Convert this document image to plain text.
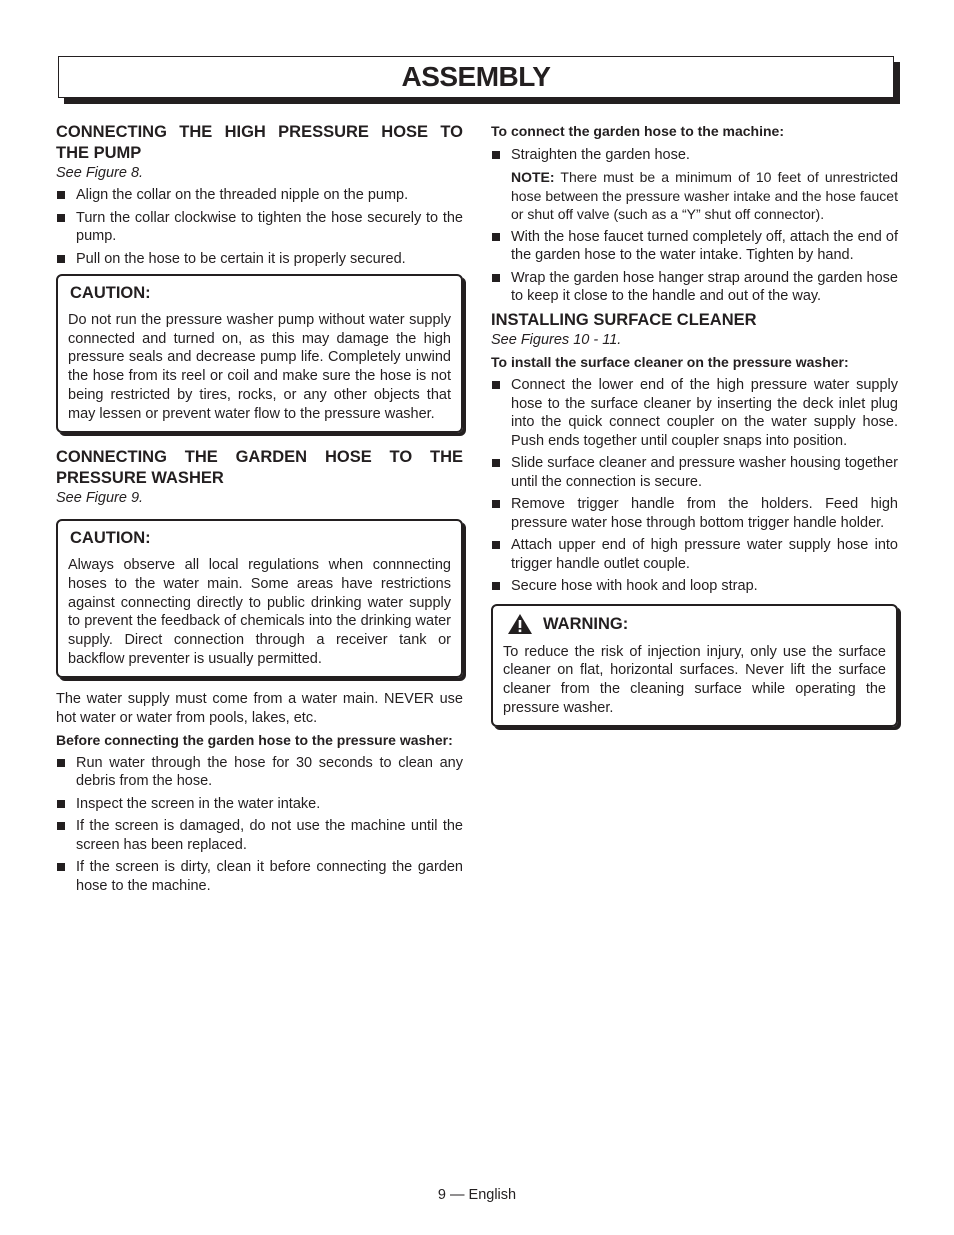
ASSEMBLY
CONNECTING THE HIGH PRESSURE HOSE TO
THE PUMP
See Figure 8.
Align the collar on the threaded nipple on the pump.
Turn the collar clockwise to tighten the hose securely to the pump.
Pull on the hose to be certain it is properly secured.
CAUTION:
Do not run the pressure washer pump without water supply connected and turned on, as this may damage the high pressure seals and decrease pump life. Completely unwind the hose from its reel or coil and make sure the hose is not being restricted by tires, rocks, or any other objects that may lessen or prevent water flow to the pressure washer.
CONNECTING THE GARDEN HOSE TO THE
PRESSURE WASHER
See Figure 9.
CAUTION:
Always observe all local regulations when connnecting hoses to the water main. Some areas have restrictions against connecting directly to public drinking water supply to prevent the feedback of chemicals into the drinking water supply. Direct connection through a receiver tank or backflow preventer is usually permitted.

The water supply must come from a water main. NEVER use hot water or water from pools, lakes, etc.

Before connecting the garden hose to the pressure washer:

Run water through the hose for 30 seconds to clean any debris from the hose.
Inspect the screen in the water intake.
If the screen is damaged, do not use the machine until the screen has been replaced.
If the screen is dirty, clean it before connecting the garden hose to the machine.

To connect the garden hose to the machine:

Straighten the garden hose.
NOTE: There must be a minimum of 10 feet of unrestricted hose between the pressure washer intake and the hose faucet or shut off valve (such as a “Y” shut off connector).
With the hose faucet turned completely off, attach the end of the garden hose to the water intake. Tighten by hand.
Wrap the garden hose hanger strap around the garden hose to keep it close to the handle and out of the way.
INSTALLING SURFACE CLEANER
See Figures 10 - 11.

To install the surface cleaner on the pressure washer:

Connect the lower end of the high pressure water supply hose to the surface cleaner by inserting the deck inlet plug into the quick connect coupler on the water supply hose. Push ends together until coupler snaps into position.
Slide surface cleaner and pressure washer housing together until the connection is secure.
Remove trigger handle from the holders. Feed high pressure water hose through bottom trigger handle holder.
Attach upper end of high pressure water supply hose into trigger handle outlet couple.
Secure hose with hook and loop strap.
WARNING:
To reduce the risk of injection injury, only use the surface cleaner on flat, horizontal surfaces. Never lift the surface cleaner from the cleaning surface while operating the pressure washer.
9 — English
